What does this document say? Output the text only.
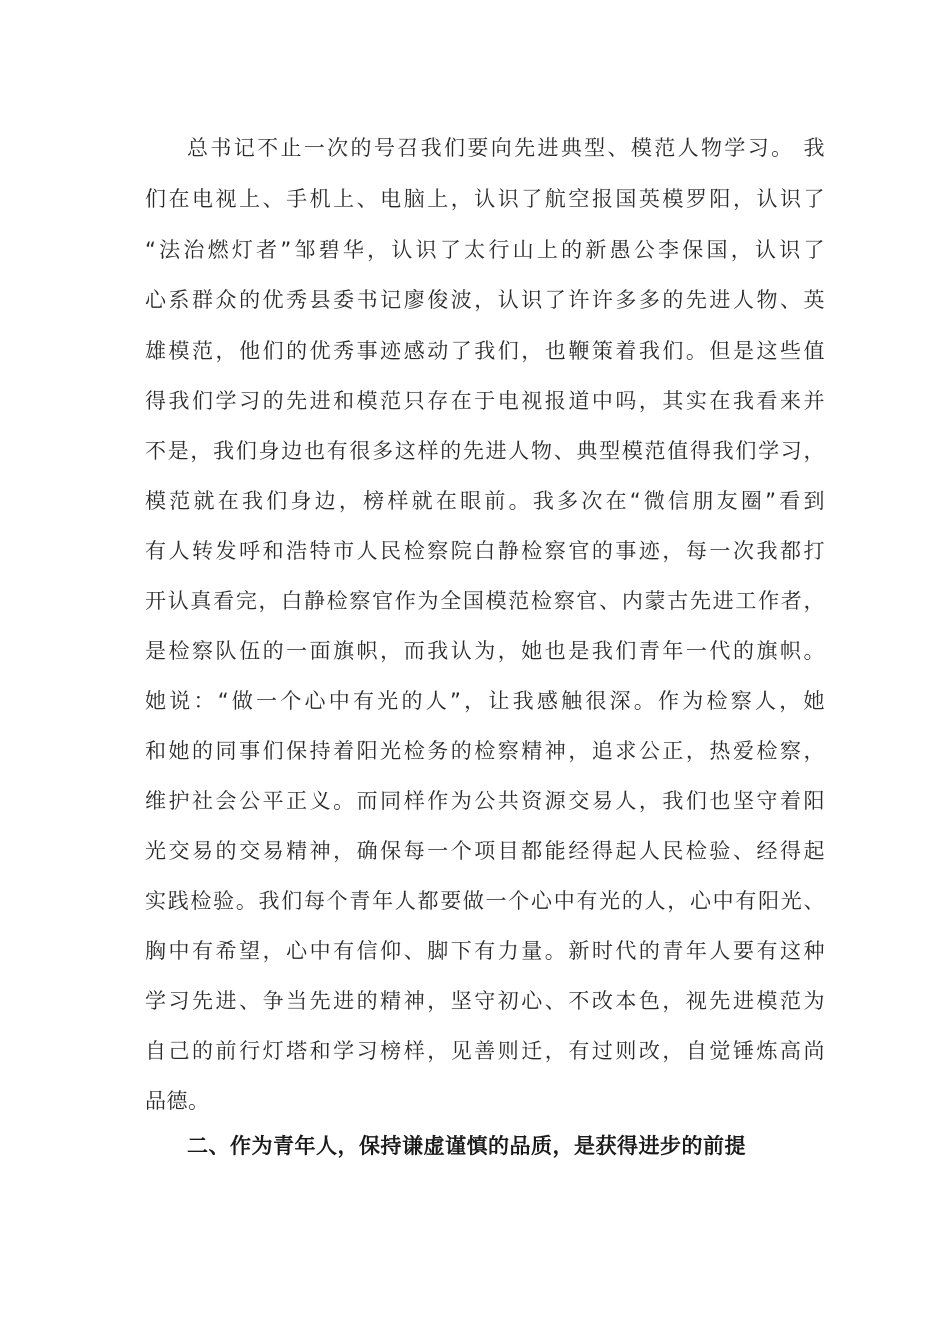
总书记不止一次的号召我们要向先进典型、模范人物学习。 我
们在电视上、手机上、电脑上，认识了航空报国英模罗阳，认识了
“法治燃灯者”邹碧华，认识了太行山上的新愚公李保国，认识了
心系群众的优秀县委书记廖俊波，认识了许许多多的先进人物、英
雄模范，他们的优秀事迹感动了我们，也鞭策着我们。但是这些值
得我们学习的先进和模范只存在于电视报道中吗，其实在我看来并
不是，我们身边也有很多这样的先进人物、典型模范值得我们学习，
模范就在我们身边，榜样就在眼前。我多次在“微信朋友圈”看到
有人转发呼和浩特市人民检察院白静检察官的事迹，每一次我都打
开认真看完，白静检察官作为全国模范检察官、内蒙古先进工作者，
是检察队伍的一面旗帜，而我认为，她也是我们青年一代的旗帜。
她说：“做一个心中有光的人”，让我感触很深。作为检察人，她
和她的同事们保持着阳光检务的检察精神，追求公正，热爱检察，
维护社会公平正义。而同样作为公共资源交易人，我们也坚守着阳
光交易的交易精神，确保每一个项目都能经得起人民检验、经得起
实践检验。我们每个青年人都要做一个心中有光的人，心中有阳光、
胸中有希望，心中有信仰、脚下有力量。新时代的青年人要有这种
学习先进、争当先进的精神，坚守初心、不改本色，视先进模范为
自己的前行灯塔和学习榜样，见善则迁，有过则改，自觉锤炼高尚
品德。
二、作为青年人，保持谦虚谨慎的品质，是获得进步的前提
